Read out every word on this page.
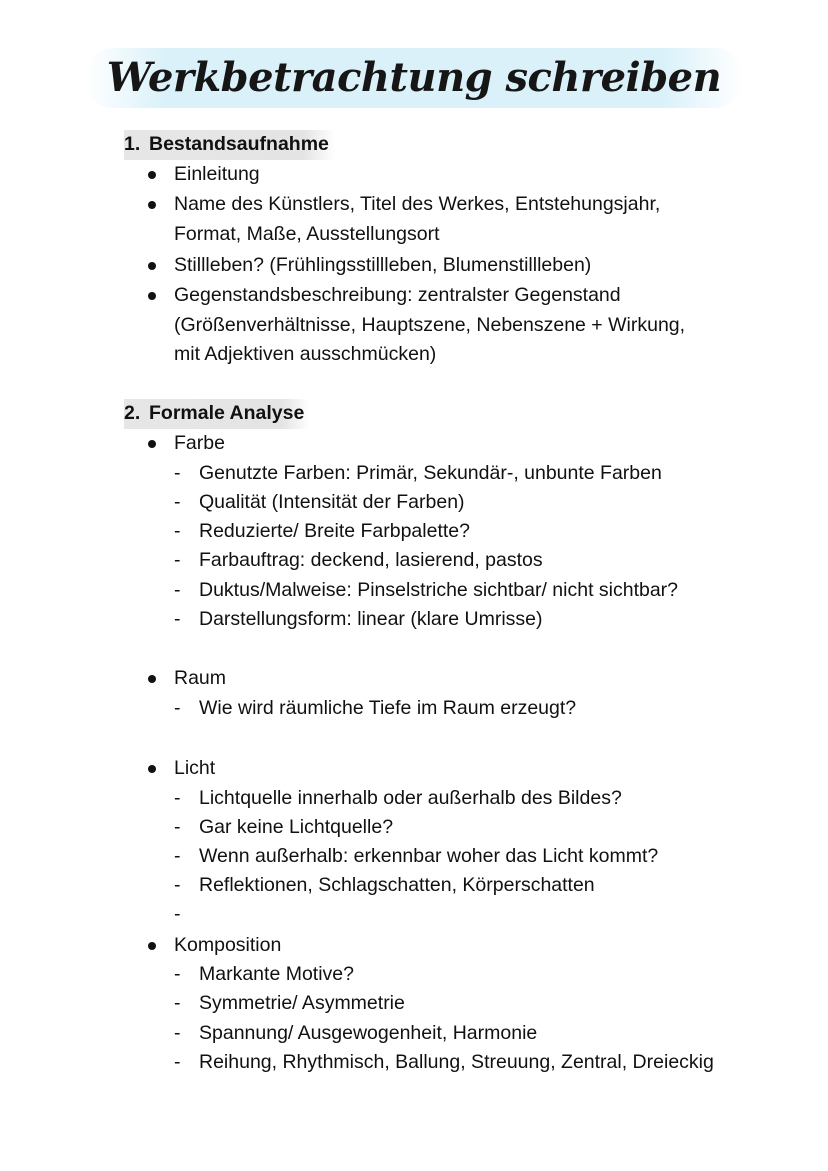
Werkbetrachtung schreiben
1. Bestandsaufnahme
Einleitung
Name des Künstlers, Titel des Werkes, Entstehungsjahr,
Format, Maße, Ausstellungsort
Stillleben? (Frühlingsstillleben, Blumenstillleben)
Gegenstandsbeschreibung: zentralster Gegenstand
(Größenverhältnisse, Hauptszene, Nebenszene + Wirkung,
mit Adjektiven ausschmücken)
2. Formale Analyse
Farbe
- Genutzte Farben: Primär, Sekundär-, unbunte Farben
- Qualität (Intensität der Farben)
- Reduzierte/ Breite Farbpalette?
- Farbauftrag: deckend, lasierend, pastos
- Duktus/Malweise: Pinselstriche sichtbar/ nicht sichtbar?
- Darstellungsform: linear (klare Umrisse)
Raum
- Wie wird räumliche Tiefe im Raum erzeugt?
Licht
- Lichtquelle innerhalb oder außerhalb des Bildes?
- Gar keine Lichtquelle?
- Wenn außerhalb: erkennbar woher das Licht kommt?
- Reflektionen, Schlagschatten, Körperschatten
-
Komposition
- Markante Motive?
- Symmetrie/ Asymmetrie
- Spannung/ Ausgewogenheit, Harmonie
- Reihung, Rhythmisch, Ballung, Streuung, Zentral, Dreieckig
